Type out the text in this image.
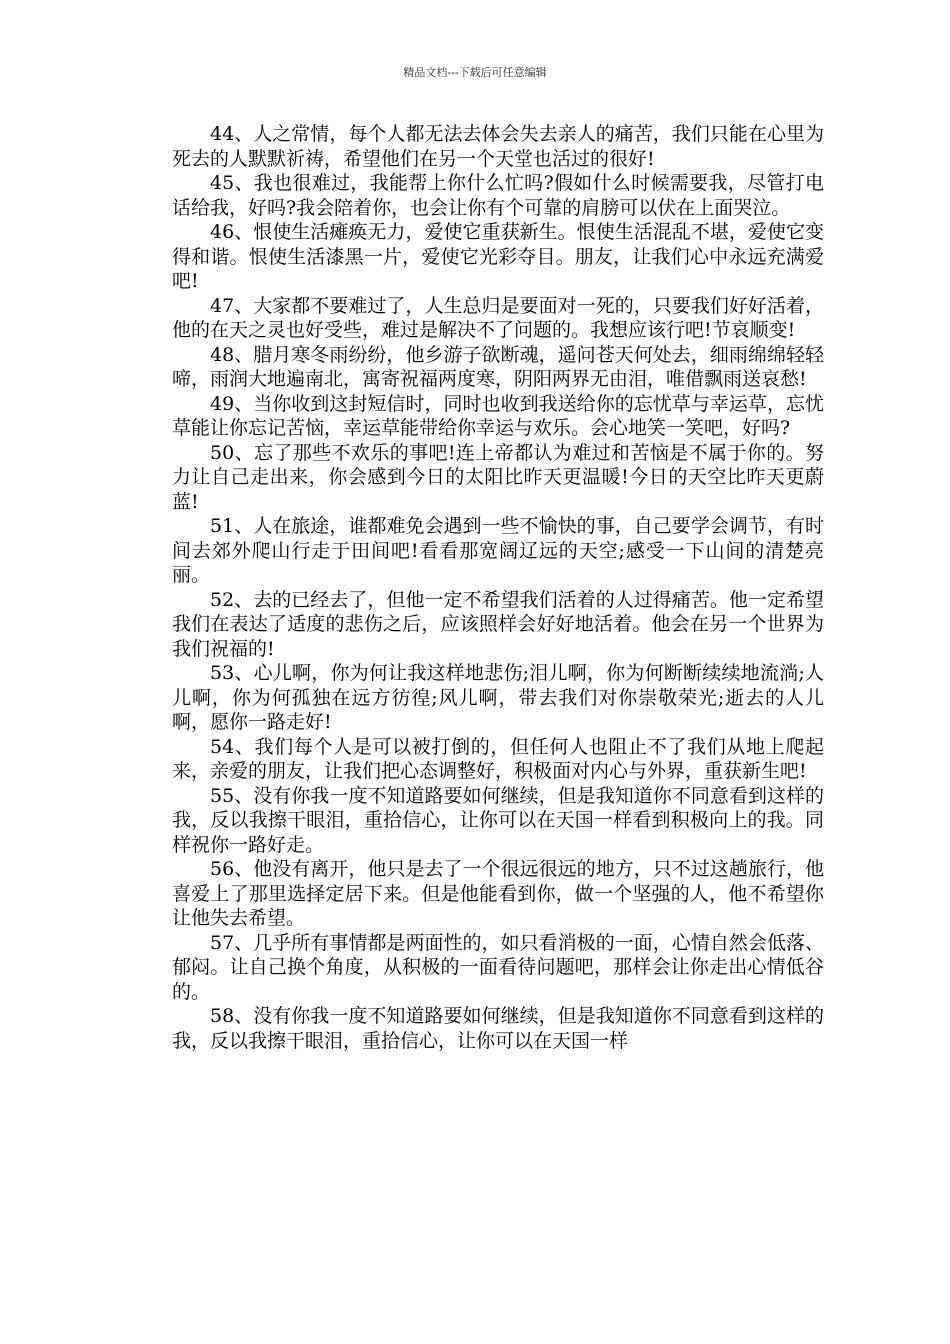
精品文档---下载后可任意编辑

44、人之常情，每个人都无法去体会失去亲人的痛苦，我们只能在心里为死去的人默默祈祷，希望他们在另一个天堂也活过的很好!

45、我也很难过，我能帮上你什么忙吗?假如什么时候需要我，尽管打电话给我，好吗?我会陪着你，也会让你有个可靠的肩膀可以伏在上面哭泣。

46、恨使生活瘫痪无力，爱使它重获新生。恨使生活混乱不堪，爱使它变得和谐。恨使生活漆黑一片，爱使它光彩夺目。朋友，让我们心中永远充满爱吧!

47、大家都不要难过了，人生总归是要面对一死的，只要我们好好活着，他的在天之灵也好受些，难过是解决不了问题的。我想应该行吧!节哀顺变!

48、腊月寒冬雨纷纷，他乡游子欲断魂，遥问苍天何处去，细雨绵绵轻轻啼，雨润大地遍南北，寓寄祝福两度寒，阴阳两界无由泪，唯借飘雨送哀愁!

49、当你收到这封短信时，同时也收到我送给你的忘忧草与幸运草，忘忧草能让你忘记苦恼，幸运草能带给你幸运与欢乐。会心地笑一笑吧，好吗?

50、忘了那些不欢乐的事吧!连上帝都认为难过和苦恼是不属于你的。努力让自己走出来，你会感到今日的太阳比昨天更温暖!今日的天空比昨天更蔚蓝!

51、人在旅途，谁都难免会遇到一些不愉快的事，自己要学会调节，有时间去郊外爬山行走于田间吧!看看那宽阔辽远的天空;感受一下山间的清楚亮丽。

52、去的已经去了，但他一定不希望我们活着的人过得痛苦。他一定希望我们在表达了适度的悲伤之后，应该照样会好好地活着。他会在另一个世界为我们祝福的!

53、心儿啊，你为何让我这样地悲伤;泪儿啊，你为何断断续续地流淌;人儿啊，你为何孤独在远方彷徨;风儿啊，带去我们对你崇敬荣光;逝去的人儿啊，愿你一路走好!

54、我们每个人是可以被打倒的，但任何人也阻止不了我们从地上爬起来，亲爱的朋友，让我们把心态调整好，积极面对内心与外界，重获新生吧!

55、没有你我一度不知道路要如何继续，但是我知道你不同意看到这样的我，反以我擦干眼泪，重拾信心，让你可以在天国一样看到积极向上的我。同样祝你一路好走。

56、他没有离开，他只是去了一个很远很远的地方，只不过这趟旅行，他喜爱上了那里选择定居下来。但是他能看到你，做一个坚强的人，他不希望你让他失去希望。

57、几乎所有事情都是两面性的，如只看消极的一面，心情自然会低落、郁闷。让自己换个角度，从积极的一面看待问题吧，那样会让你走出心情低谷的。

58、没有你我一度不知道路要如何继续，但是我知道你不同意看到这样的我，反以我擦干眼泪，重拾信心，让你可以在天国一样
